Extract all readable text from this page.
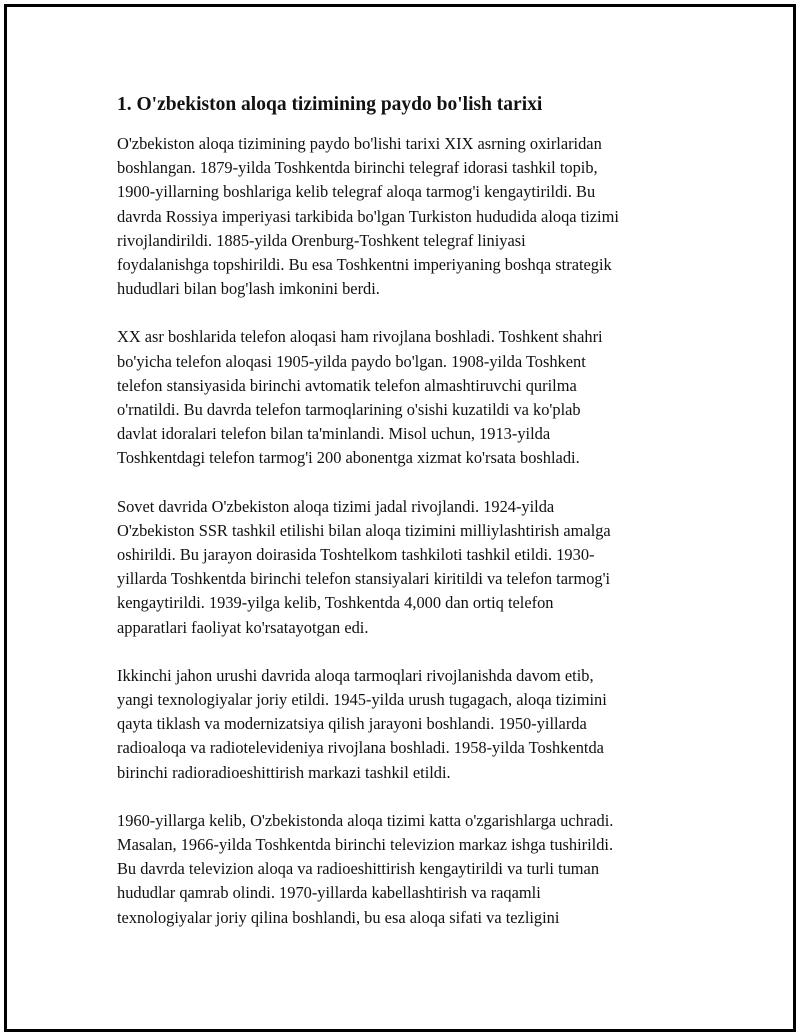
1. O'zbekiston aloqa tizimining paydo bo'lish tarixi
O'zbekiston aloqa tizimining paydo bo'lishi tarixi XIX asrning oxirlaridan
boshlangan. 1879-yilda Toshkentda birinchi telegraf idorasi tashkil topib,
1900-yillarning boshlariga kelib telegraf aloqa tarmog'i kengaytirildi. Bu
davrda Rossiya imperiyasi tarkibida bo'lgan Turkiston hududida aloqa tizimi
rivojlandirildi. 1885-yilda Orenburg-Toshkent telegraf liniyasi
foydalanishga topshirildi. Bu esa Toshkentni imperiyaning boshqa strategik
hududlari bilan bog'lash imkonini berdi.
XX asr boshlarida telefon aloqasi ham rivojlana boshladi. Toshkent shahri
bo'yicha telefon aloqasi 1905-yilda paydo bo'lgan. 1908-yilda Toshkent
telefon stansiyasida birinchi avtomatik telefon almashtiruvchi qurilma
o'rnatildi. Bu davrda telefon tarmoqlarining o'sishi kuzatildi va ko'plab
davlat idoralari telefon bilan ta'minlandi. Misol uchun, 1913-yilda
Toshkentdagi telefon tarmog'i 200 abonentga xizmat ko'rsata boshladi.
Sovet davrida O'zbekiston aloqa tizimi jadal rivojlandi. 1924-yilda
O'zbekiston SSR tashkil etilishi bilan aloqa tizimini milliylashtirish amalga
oshirildi. Bu jarayon doirasida Toshtelkom tashkiloti tashkil etildi. 1930-
yillarda Toshkentda birinchi telefon stansiyalari kiritildi va telefon tarmog'i
kengaytirildi. 1939-yilga kelib, Toshkentda 4,000 dan ortiq telefon
apparatlari faoliyat ko'rsatayotgan edi.
Ikkinchi jahon urushi davrida aloqa tarmoqlari rivojlanishda davom etib,
yangi texnologiyalar joriy etildi. 1945-yilda urush tugagach, aloqa tizimini
qayta tiklash va modernizatsiya qilish jarayoni boshlandi. 1950-yillarda
radioaloqa va radiotelevideniya rivojlana boshladi. 1958-yilda Toshkentda
birinchi radioradioeshittirish markazi tashkil etildi.
1960-yillarga kelib, O'zbekistonda aloqa tizimi katta o'zgarishlarga uchradi.
Masalan, 1966-yilda Toshkentda birinchi televizion markaz ishga tushirildi.
Bu davrda televizion aloqa va radioeshittirish kengaytirildi va turli tuman
hududlar qamrab olindi. 1970-yillarda kabellashtirish va raqamli
texnologiyalar joriy qilina boshlandi, bu esa aloqa sifati va tezligini
